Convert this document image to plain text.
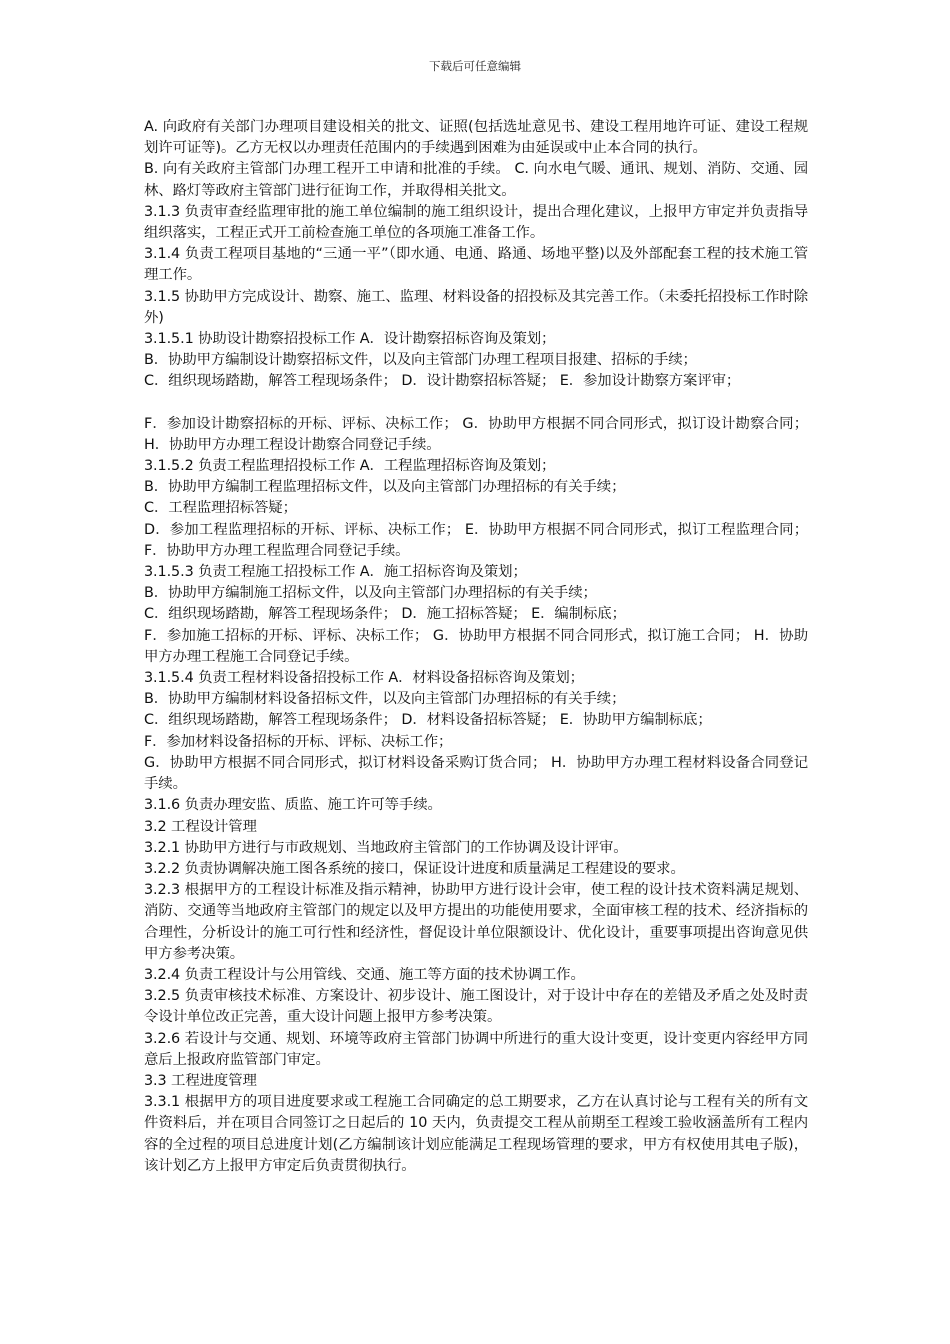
下载后可任意编辑

A. 向政府有关部门办理项目建设相关的批文、证照(包括选址意见书、建设工程用地许可证、建设工程规划许可证等)。乙方无权以办理责任范围内的手续遇到困难为由延误或中止本合同的执行。

B. 向有关政府主管部门办理工程开工申请和批准的手续。 C. 向水电气暖、通讯、规划、消防、交通、园林、路灯等政府主管部门进行征询工作，并取得相关批文。

3.1.3 负责审查经监理审批的施工单位编制的施工组织设计，提出合理化建议，上报甲方审定并负责指导组织落实，工程正式开工前检查施工单位的各项施工准备工作。

3.1.4 负责工程项目基地的“三通一平”（即水通、电通、路通、场地平整)以及外部配套工程的技术施工管理工作。

3.1.5 协助甲方完成设计、勘察、施工、监理、材料设备的招投标及其完善工作。（未委托招投标工作时除外)

3.1.5.1 协助设计勘察招投标工作 A．设计勘察招标咨询及策划；

B．协助甲方编制设计勘察招标文件，以及向主管部门办理工程项目报建、招标的手续；

C．组织现场踏勘，解答工程现场条件； D．设计勘察招标答疑； E．参加设计勘察方案评审；

F．参加设计勘察招标的开标、评标、决标工作； G．协助甲方根据不同合同形式，拟订设计勘察合同； H．协助甲方办理工程设计勘察合同登记手续。

3.1.5.2 负责工程监理招投标工作 A．工程监理招标咨询及策划；

B．协助甲方编制工程监理招标文件，以及向主管部门办理招标的有关手续；

C．工程监理招标答疑；

D．参加工程监理招标的开标、评标、决标工作； E．协助甲方根据不同合同形式，拟订工程监理合同； F．协助甲方办理工程监理合同登记手续。

3.1.5.3 负责工程施工招投标工作 A．施工招标咨询及策划；

B．协助甲方编制施工招标文件，以及向主管部门办理招标的有关手续；

C．组织现场踏勘，解答工程现场条件； D．施工招标答疑； E．编制标底；

F．参加施工招标的开标、评标、决标工作； G．协助甲方根据不同合同形式，拟订施工合同； H．协助甲方办理工程施工合同登记手续。

3.1.5.4 负责工程材料设备招投标工作 A．材料设备招标咨询及策划；

B．协助甲方编制材料设备招标文件，以及向主管部门办理招标的有关手续；

C．组织现场踏勘，解答工程现场条件； D．材料设备招标答疑； E．协助甲方编制标底；

F．参加材料设备招标的开标、评标、决标工作；

G．协助甲方根据不同合同形式，拟订材料设备采购订货合同； H．协助甲方办理工程材料设备合同登记手续。

3.1.6 负责办理安监、质监、施工许可等手续。

3.2 工程设计管理

3.2.1 协助甲方进行与市政规划、当地政府主管部门的工作协调及设计评审。

3.2.2 负责协调解决施工图各系统的接口，保证设计进度和质量满足工程建设的要求。

3.2.3 根据甲方的工程设计标准及指示精神，协助甲方进行设计会审，使工程的设计技术资料满足规划、消防、交通等当地政府主管部门的规定以及甲方提出的功能使用要求，全面审核工程的技术、经济指标的合理性，分析设计的施工可行性和经济性，督促设计单位限额设计、优化设计，重要事项提出咨询意见供甲方参考决策。

3.2.4 负责工程设计与公用管线、交通、施工等方面的技术协调工作。

3.2.5 负责审核技术标准、方案设计、初步设计、施工图设计，对于设计中存在的差错及矛盾之处及时责令设计单位改正完善，重大设计问题上报甲方参考决策。

3.2.6 若设计与交通、规划、环境等政府主管部门协调中所进行的重大设计变更，设计变更内容经甲方同意后上报政府监管部门审定。

3.3 工程进度管理

3.3.1 根据甲方的项目进度要求或工程施工合同确定的总工期要求，乙方在认真讨论与工程有关的所有文件资料后，并在项目合同签订之日起后的 10 天内，负责提交工程从前期至工程竣工验收涵盖所有工程内容的全过程的项目总进度计划(乙方编制该计划应能满足工程现场管理的要求，甲方有权使用其电子版)，该计划乙方上报甲方审定后负责贯彻执行。
